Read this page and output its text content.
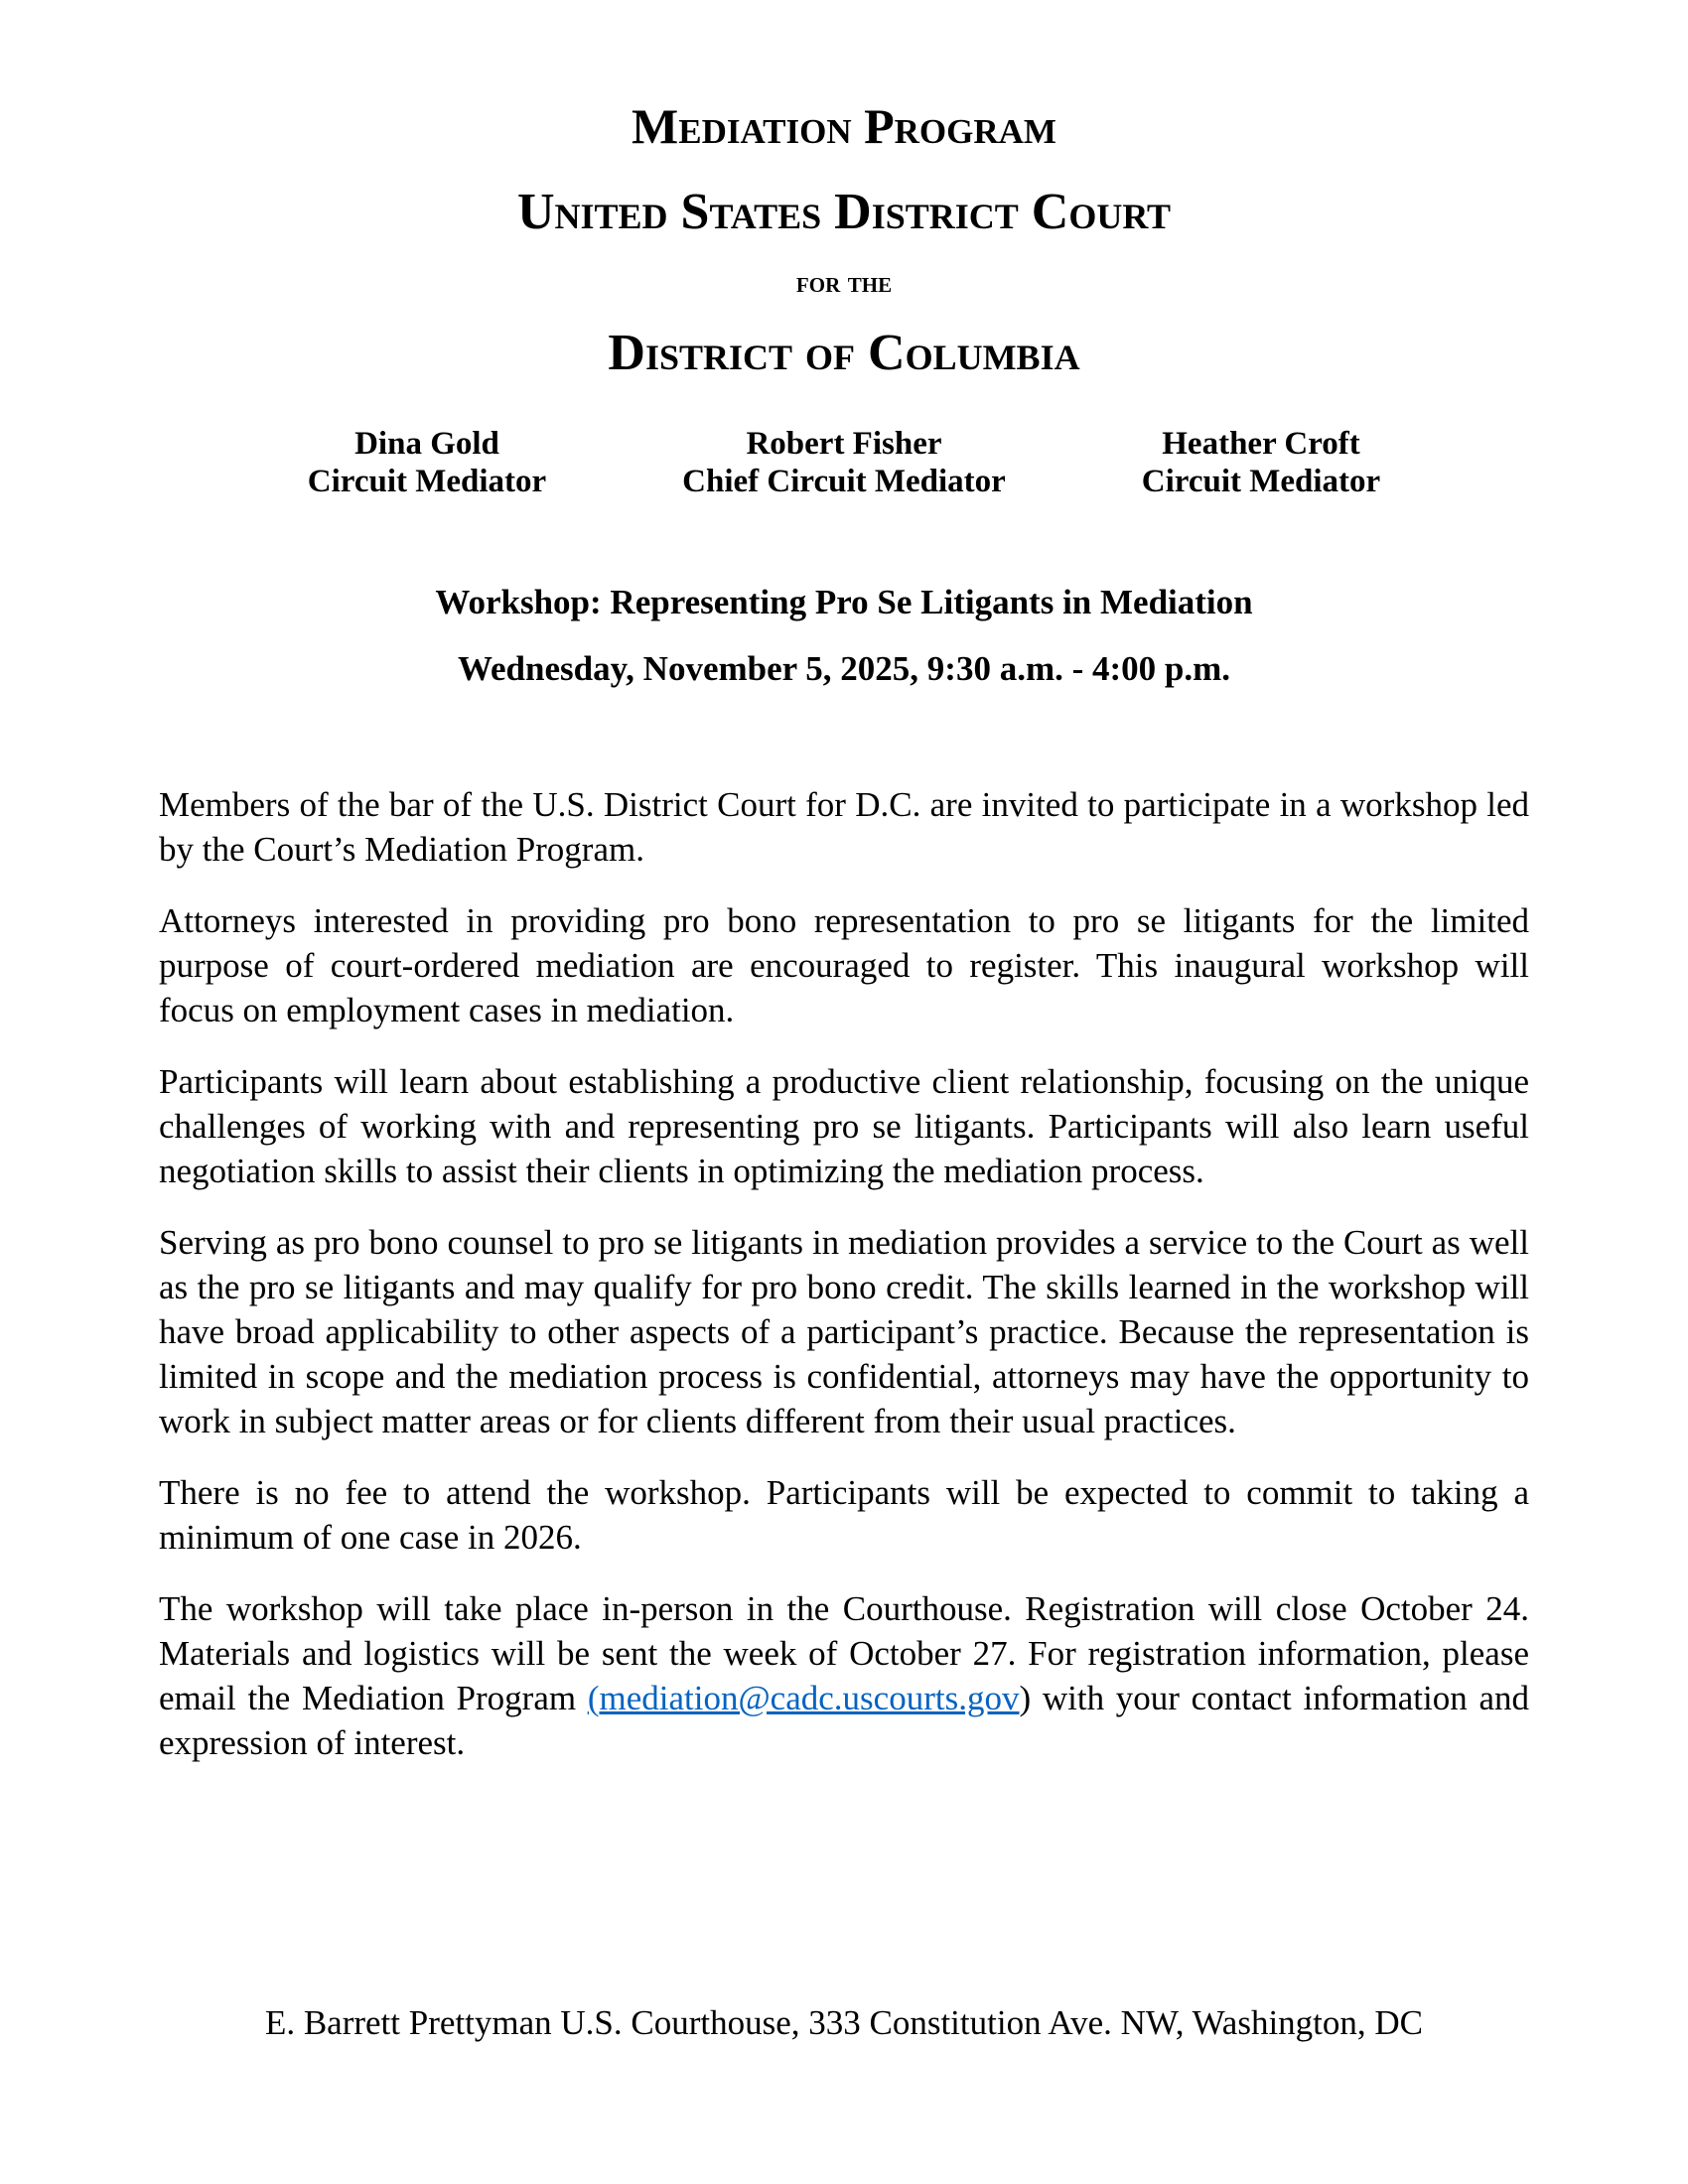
Mediation Program
United States District Court
for the
District of Columbia
Dina Gold
Circuit Mediator
Robert Fisher
Chief Circuit Mediator
Heather Croft
Circuit Mediator
Workshop: Representing Pro Se Litigants in Mediation
Wednesday, November 5, 2025, 9:30 a.m. - 4:00 p.m.

Members of the bar of the U.S. District Court for D.C. are invited to participate in a workshop led by the Court’s Mediation Program.

Attorneys interested in providing pro bono representation to pro se litigants for the limited purpose of court-ordered mediation are encouraged to register. This inaugural workshop will focus on employment cases in mediation.

Participants will learn about establishing a productive client relationship, focusing on the unique challenges of working with and representing pro se litigants. Participants will also learn useful negotiation skills to assist their clients in optimizing the mediation process.

Serving as pro bono counsel to pro se litigants in mediation provides a service to the Court as well as the pro se litigants and may qualify for pro bono credit. The skills learned in the workshop will have broad applicability to other aspects of a participant’s practice. Because the representation is limited in scope and the mediation process is confidential, attorneys may have the opportunity to work in subject matter areas or for clients different from their usual practices.

There is no fee to attend the workshop. Participants will be expected to commit to taking a minimum of one case in 2026.

The workshop will take place in-person in the Courthouse. Registration will close October 24. Materials and logistics will be sent the week of October 27. For registration information, please email the Mediation Program (mediation@cadc.uscourts.gov) with your contact information and expression of interest.

E. Barrett Prettyman U.S. Courthouse, 333 Constitution Ave. NW, Washington, DC
